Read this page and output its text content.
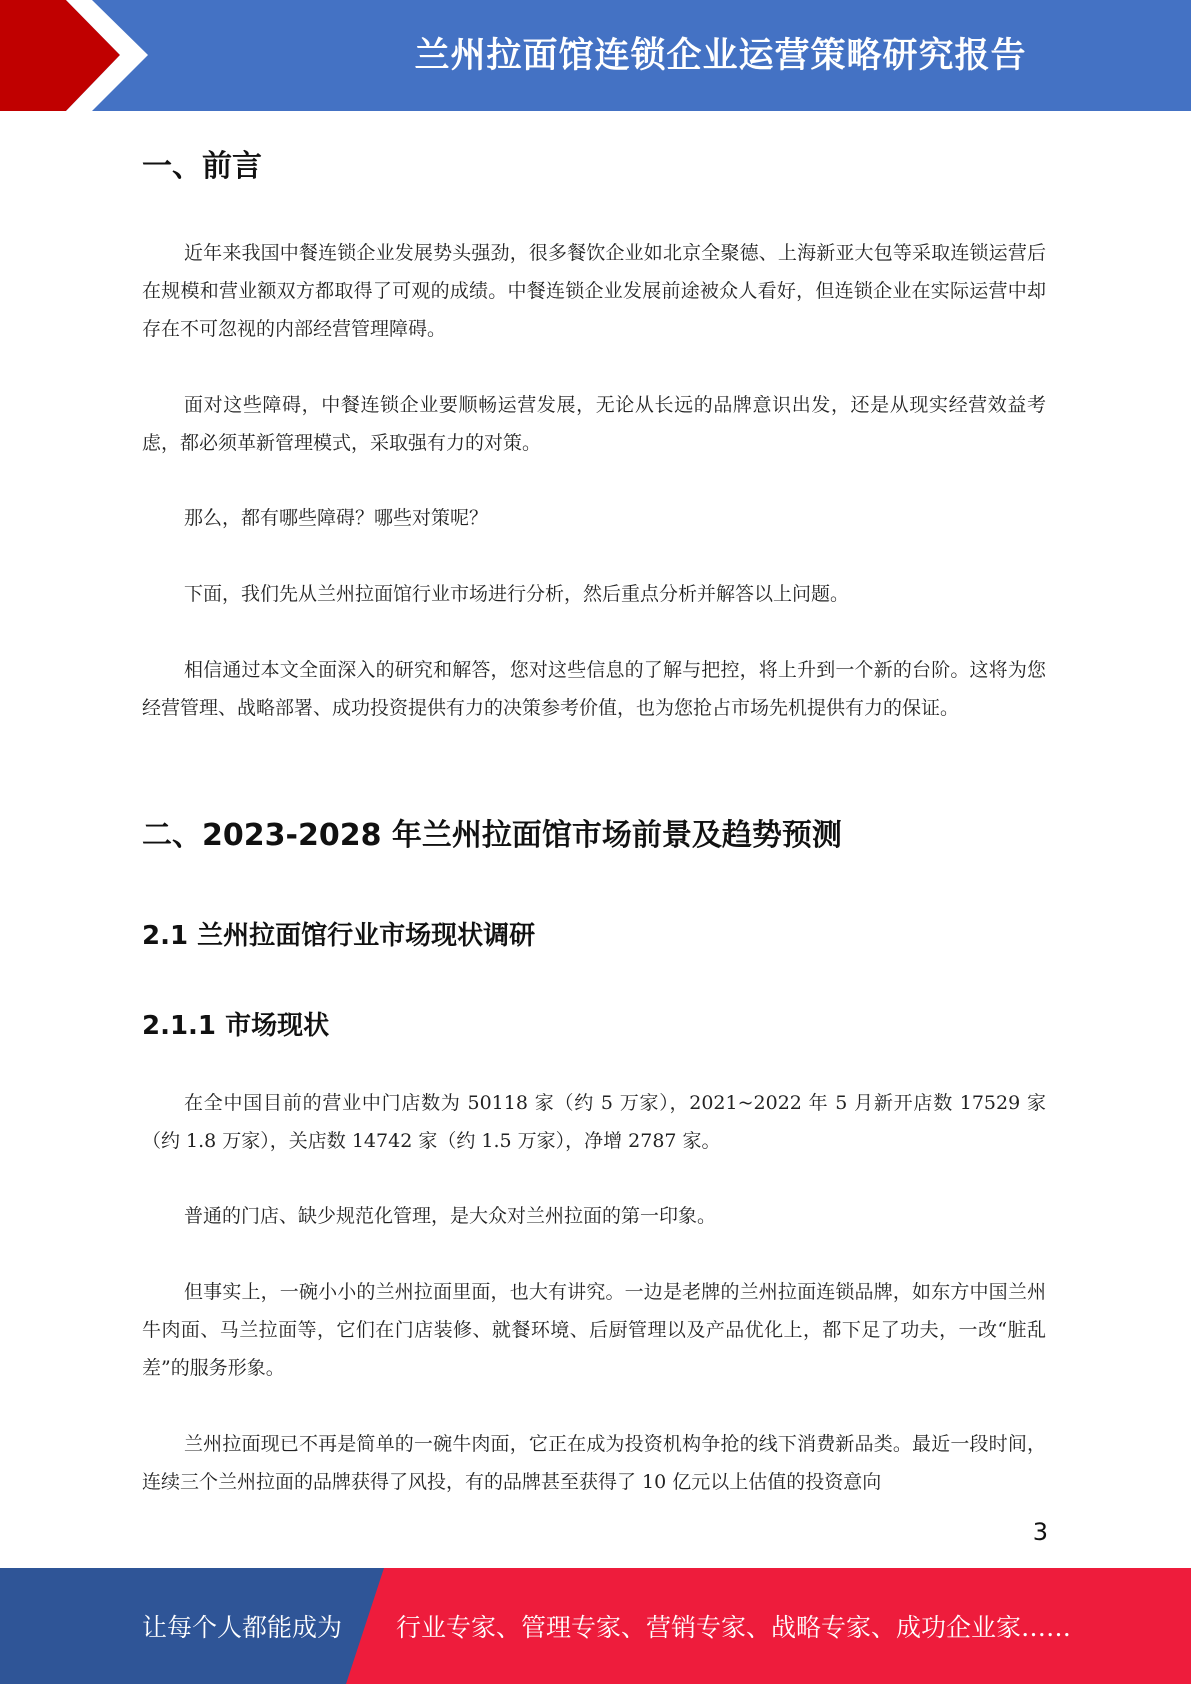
兰州拉面馆连锁企业运营策略研究报告
一、前言

近年来我国中餐连锁企业发展势头强劲，很多餐饮企业如北京全聚德、上海新亚大包等采取连锁运营后在规模和营业额双方都取得了可观的成绩。中餐连锁企业发展前途被众人看好，但连锁企业在实际运营中却存在不可忽视的内部经营管理障碍。

面对这些障碍，中餐连锁企业要顺畅运营发展，无论从长远的品牌意识出发，还是从现实经营效益考虑，都必须革新管理模式，采取强有力的对策。

那么，都有哪些障碍？哪些对策呢？

下面，我们先从兰州拉面馆行业市场进行分析，然后重点分析并解答以上问题。

相信通过本文全面深入的研究和解答，您对这些信息的了解与把控，将上升到一个新的台阶。这将为您经营管理、战略部署、成功投资提供有力的决策参考价值，也为您抢占市场先机提供有力的保证。

二、2023-2028 年兰州拉面馆市场前景及趋势预测
2.1 兰州拉面馆行业市场现状调研
2.1.1 市场现状

在全中国目前的营业中门店数为 50118 家（约 5 万家），2021~2022 年 5 月新开店数 17529 家（约 1.8 万家），关店数 14742 家（约 1.5 万家），净增 2787 家。

普通的门店、缺少规范化管理，是大众对兰州拉面的第一印象。

但事实上，一碗小小的兰州拉面里面，也大有讲究。一边是老牌的兰州拉面连锁品牌，如东方中国兰州牛肉面、马兰拉面等，它们在门店装修、就餐环境、后厨管理以及产品优化上，都下足了功夫，一改“脏乱差”的服务形象。

兰州拉面现已不再是简单的一碗牛肉面，它正在成为投资机构争抢的线下消费新品类。最近一段时间，连续三个兰州拉面的品牌获得了风投，有的品牌甚至获得了 10 亿元以上估值的投资意向

3
让每个人都能成为 行业专家、管理专家、营销专家、战略专家、成功企业家……
